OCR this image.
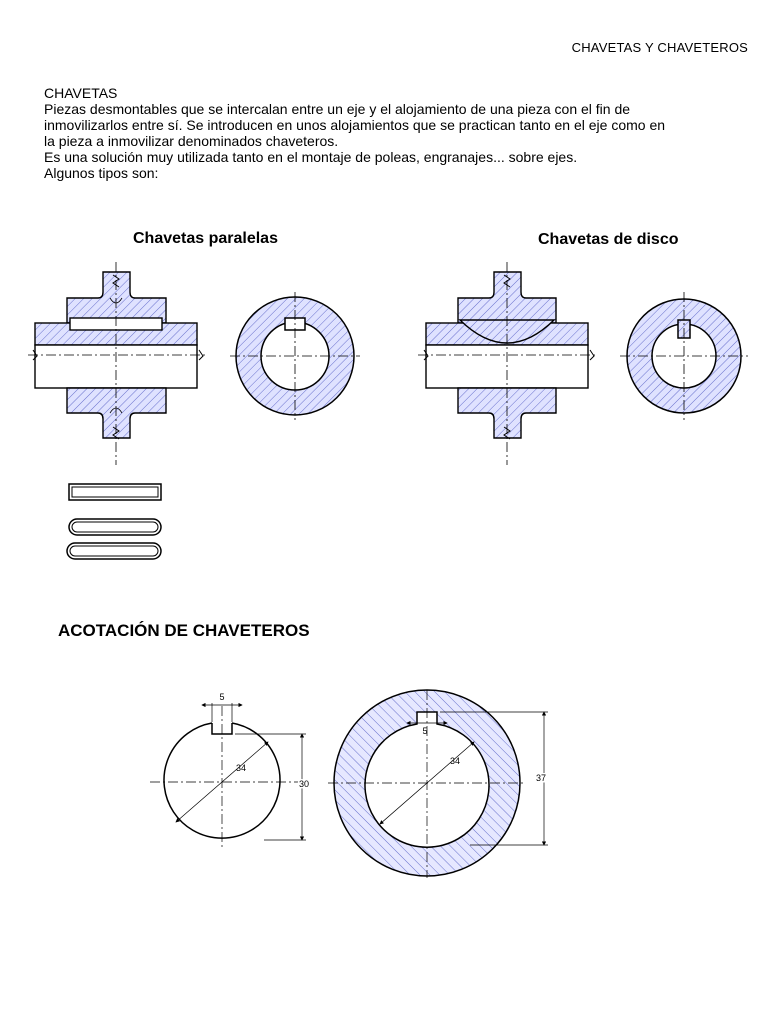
CHAVETAS Y CHAVETEROS

CHAVETAS

Piezas desmontables que se intercalan entre un eje y el alojamiento de una pieza con el fin de

inmovilizarlos entre sí. Se introducen en unos alojamientos que se practican tanto en el eje como en

la pieza a inmovilizar denominados chaveteros.

Es una solución muy utilizada tanto en el montaje de poleas, engranajes... sobre ejes.

Algunos tipos son:

Chavetas paralelas	Chavetas de disco
ACOTACIÓN DE CHAVETEROS
5
34
30
5
34
37
